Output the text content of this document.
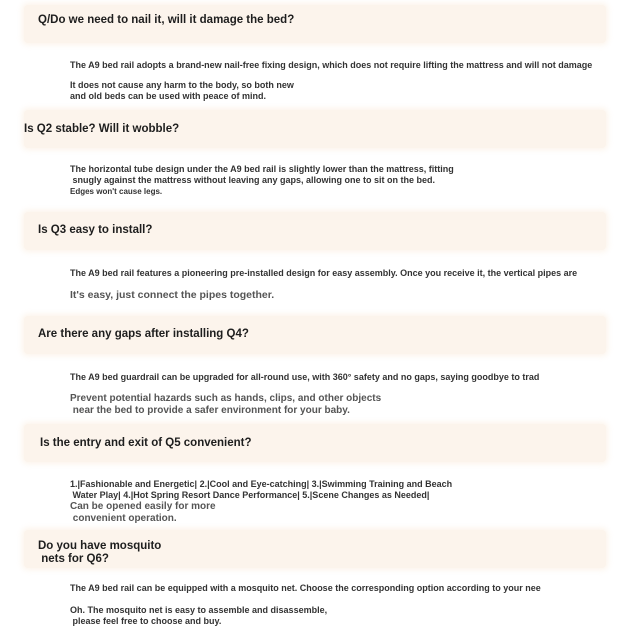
Q/Do we need to nail it, will it damage the bed?
The A9 bed rail adopts a brand-new nail-free fixing design, which does not require lifting the mattress and will not damage
It does not cause any harm to the body, so both new
and old beds can be used with peace of mind.
Is Q2 stable? Will it wobble?
The horizontal tube design under the A9 bed rail is slightly lower than the mattress, fitting
snugly against the mattress without leaving any gaps, allowing one to sit on the bed.
Edges won't cause legs.
Is Q3 easy to install?
The A9 bed rail features a pioneering pre-installed design for easy assembly. Once you receive it, the vertical pipes are
It's easy, just connect the pipes together.
Are there any gaps after installing Q4?
The A9 bed guardrail can be upgraded for all-round use, with 360° safety and no gaps, saying goodbye to trad
Prevent potential hazards such as hands, clips, and other objects
near the bed to provide a safer environment for your baby.
Is the entry and exit of Q5 convenient?
1.|Fashionable and Energetic| 2.|Cool and Eye-catching| 3.|Swimming Training and Beach
Water Play| 4.|Hot Spring Resort Dance Performance| 5.|Scene Changes as Needed|
Can be opened easily for more
convenient operation.
Do you have mosquito
nets for Q6?
The A9 bed rail can be equipped with a mosquito net. Choose the corresponding option according to your nee
Oh. The mosquito net is easy to assemble and disassemble,
please feel free to choose and buy.
